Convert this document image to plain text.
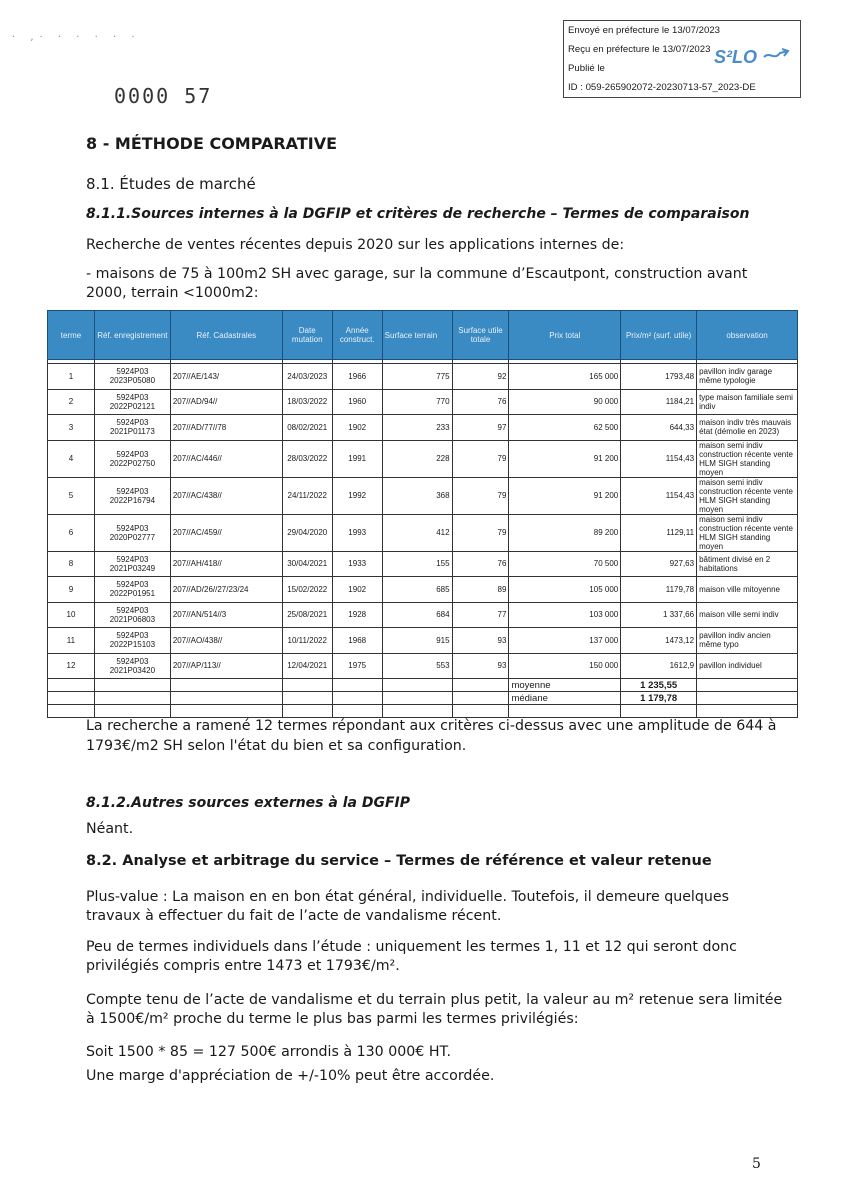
· ,· · · · · ·
0000 57
Envoyé en préfecture le 13/07/2023
Reçu en préfecture le 13/07/2023
Publié le
ID : 059-265902072-20230713-57_2023-DE
S²LO
8 - MÉTHODE COMPARATIVE
8.1. Études de marché
8.1.1.Sources internes à la DGFIP et critères de recherche – Termes de comparaison
Recherche de ventes récentes depuis 2020 sur les applications internes de:
- maisons de 75 à 100m2 SH avec garage, sur la commune d’Escautpont, construction avant 2000, terrain <1000m2:
terme	Réf. enregistrement	Réf. Cadastrales	Date mutation	Année construct.	Surface terrain	Surface utile totale	Prix total	Prix/m² (surf. utile)	observation

1	5924P03 2023P05080	207//AE/143/	24/03/2023	1966	775	92	165 000	1793,48	pavillon indiv garage même typologie
2	5924P03 2022P02121	207//AD/94//	18/03/2022	1960	770	76	90 000	1184,21	type maison familiale semi indiv
3	5924P03 2021P01173	207//AD/77//78	08/02/2021	1902	233	97	62 500	644,33	maison indiv très mauvais état (démolie en 2023)
4	5924P03 2022P02750	207//AC/446//	28/03/2022	1991	228	79	91 200	1154,43	maison semi indiv construction récente vente HLM SIGH standing moyen
5	5924P03 2022P16794	207//AC/438//	24/11/2022	1992	368	79	91 200	1154,43	maison semi indiv construction récente vente HLM SIGH standing moyen
6	5924P03 2020P02777	207//AC/459//	29/04/2020	1993	412	79	89 200	1129,11	maison semi indiv construction récente vente HLM SIGH standing moyen
8	5924P03 2021P03249	207//AH/418//	30/04/2021	1933	155	76	70 500	927,63	bâtiment divisé en 2 habitations
9	5924P03 2022P01951	207//AD/26//27/23/24	15/02/2022	1902	685	89	105 000	1179,78	maison ville mitoyenne
10	5924P03 2021P06803	207//AN/514//3	25/08/2021	1928	684	77	103 000	1 337,66	maison ville semi indiv
11	5924P03 2022P15103	207//AO/438//	10/11/2022	1968	915	93	137 000	1473,12	pavillon indiv ancien même typo
12	5924P03 2021P03420	207//AP/113//	12/04/2021	1975	553	93	150 000	1612,9	pavillon individuel
							moyenne	1 235,55	
							médiane	1 179,78	

La recherche a ramené 12 termes répondant aux critères ci-dessus avec une amplitude de 644 à 1793€/m2 SH selon l'état du bien et sa configuration.
8.1.2.Autres sources externes à la DGFIP
Néant.
8.2. Analyse et arbitrage du service – Termes de référence et valeur retenue
Plus-value : La maison en en bon état général, individuelle. Toutefois, il demeure quelques travaux à effectuer du fait de l’acte de vandalisme récent.
Peu de termes individuels dans l’étude : uniquement les termes 1, 11 et 12 qui seront donc privilégiés compris entre 1473 et 1793€/m².
Compte tenu de l’acte de vandalisme et du terrain plus petit, la valeur au m² retenue sera limitée à 1500€/m² proche du terme le plus bas parmi les termes privilégiés:
Soit 1500 * 85 = 127 500€ arrondis à 130 000€ HT.
Une marge d'appréciation de +/-10% peut être accordée.
5
